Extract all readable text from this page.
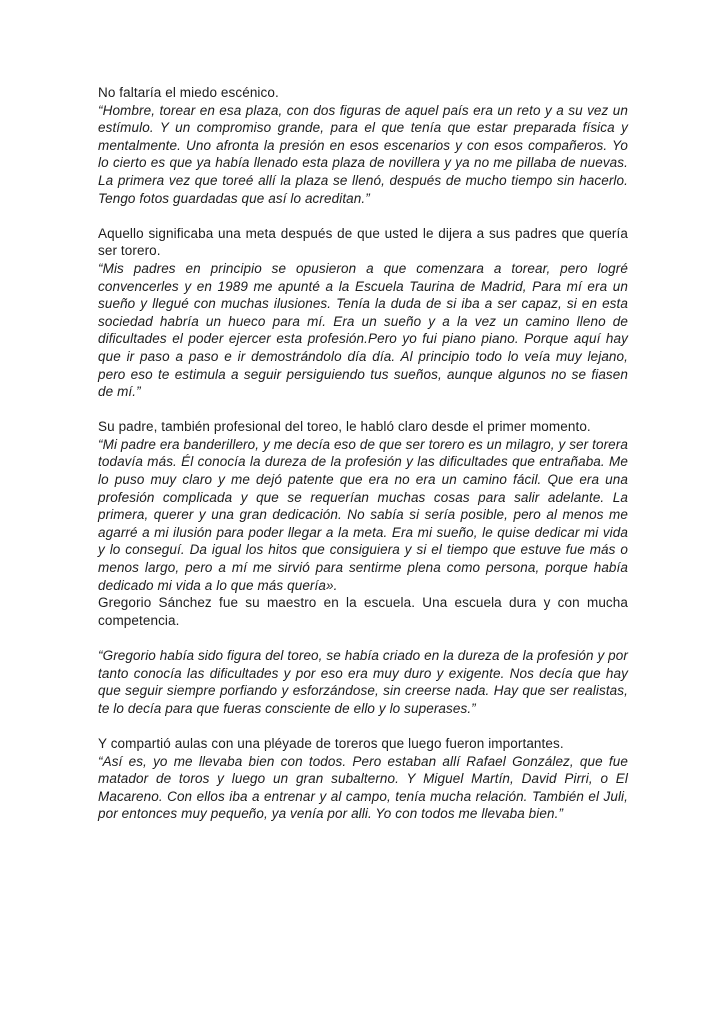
No faltaría el miedo escénico.

“Hombre, torear en esa plaza, con dos figuras de aquel país era un reto y a su vez un estímulo. Y un compromiso grande, para el que tenía que estar preparada física y mentalmente. Uno afronta la presión en esos escenarios y con esos compañeros. Yo lo cierto es que ya había llenado esta plaza de novillera y ya no me pillaba de nuevas. La primera vez que toreé allí la plaza se llenó, después de mucho tiempo sin hacerlo. Tengo fotos guardadas que así lo acreditan.”

Aquello significaba una meta después de que usted le dijera a sus padres que quería ser torero.

“Mis padres en principio se opusieron a que comenzara a torear, pero logré convencerles y en 1989 me apunté a la Escuela Taurina de Madrid, Para mí era un sueño y llegué con muchas ilusiones. Tenía la duda de si iba a ser capaz, si en esta sociedad habría un hueco para mí. Era un sueño y a la vez un camino lleno de dificultades el poder ejercer esta profesión.Pero yo fui piano piano. Porque aquí hay que ir paso a paso e ir demostrándolo día día. Al principio todo lo veía muy lejano, pero eso te estimula a seguir persiguiendo tus sueños, aunque algunos no se fiasen de mí.”

Su padre, también profesional del toreo, le habló claro desde el primer momento.

“Mi padre era banderillero, y me decía eso de que ser torero es un milagro, y ser torera todavía más. Él conocía la dureza de la profesión y las dificultades que entrañaba. Me lo puso muy claro y me dejó patente que era no era un camino fácil. Que era una profesión complicada y que se requerían muchas cosas para salir adelante. La primera, querer y una gran dedicación. No sabía si sería posible, pero al menos me agarré a mi ilusión para poder llegar a la meta. Era mi sueño, le quise dedicar mi vida y lo conseguí. Da igual los hitos que consiguiera y si el tiempo que estuve fue más o menos largo, pero a mí me sirvió para sentirme plena como persona, porque había dedicado mi vida a lo que más quería».

Gregorio Sánchez fue su maestro en la escuela. Una escuela dura y con mucha competencia.

“Gregorio había sido figura del toreo, se había criado en la dureza de la profesión y por tanto conocía las dificultades y por eso era muy duro y exigente. Nos decía que hay que seguir siempre porfiando y esforzándose, sin creerse nada. Hay que ser realistas, te lo decía para que fueras consciente de ello y lo superases.”

Y compartió aulas con una pléyade de toreros que luego fueron importantes.

“Así es, yo me llevaba bien con todos. Pero estaban allí Rafael González, que fue matador de toros y luego un gran subalterno. Y Miguel Martín, David Pirri, o El Macareno. Con ellos iba a entrenar y al campo, tenía mucha relación. También el Juli, por entonces muy pequeño, ya venía por alli. Yo con todos me llevaba bien.”
